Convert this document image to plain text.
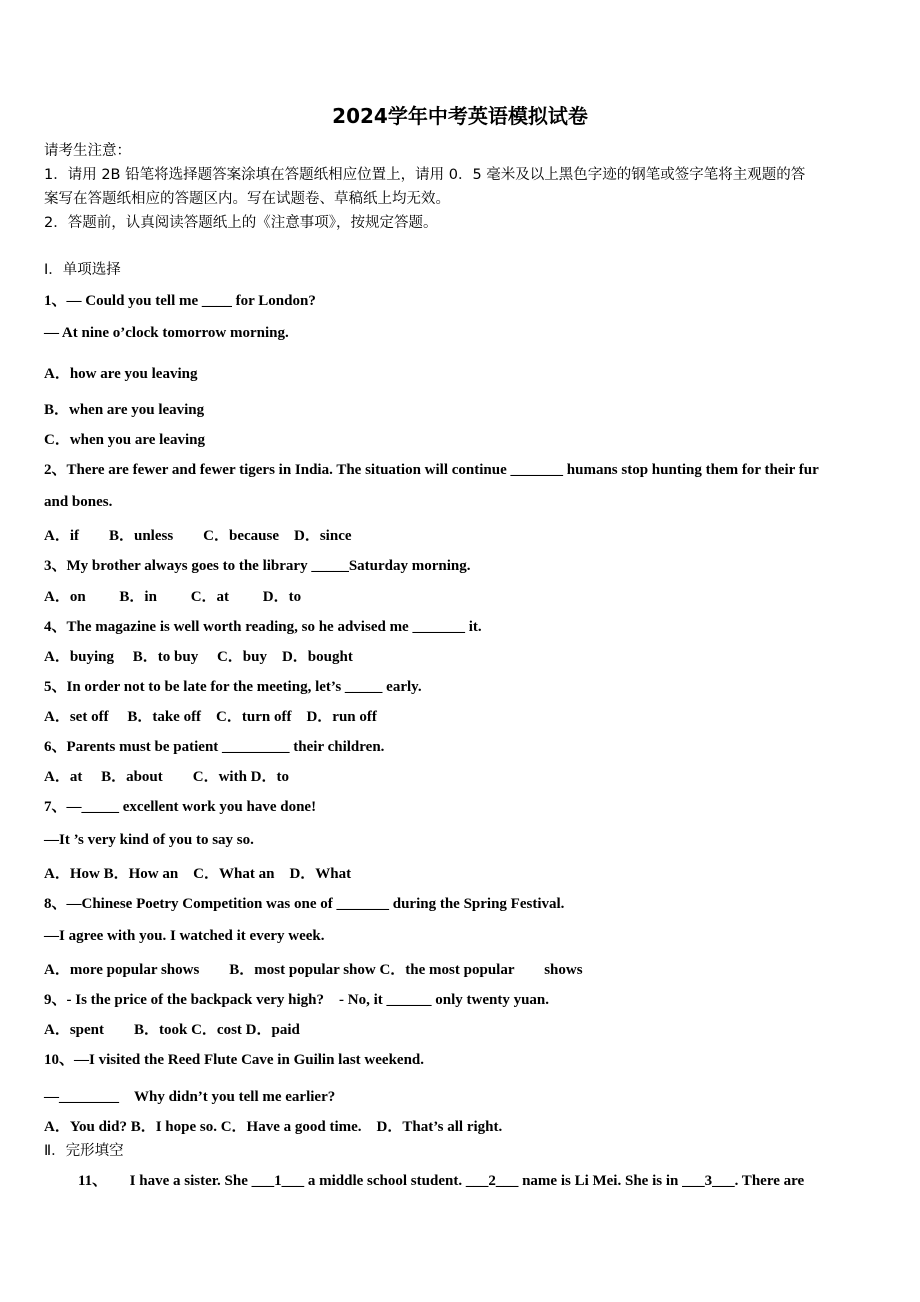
2024学年中考英语模拟试卷
请考生注意：
1．请用 2B 铅笔将选择题答案涂填在答题纸相应位置上，请用 0．5 毫米及以上黑色字迹的钢笔或签字笔将主观题的答
案写在答题纸相应的答题区内。写在试题卷、草稿纸上均无效。
2．答题前，认真阅读答题纸上的《注意事项》，按规定答题。
Ⅰ．单项选择
1、— Could you tell me ____ for London?
— At nine o’clock tomorrow morning.
A．how are you leaving
B．when are you leaving
C．when you are leaving
2、There are fewer and fewer tigers in India. The situation will continue _______ humans stop hunting them for their fur
and bones.
A．if　　B．unless　　C．because　D．since
3、My brother always goes to the library _____Saturday morning.
A．on　　 B．in　　 C．at　　 D．to
4、The magazine is well worth reading, so he advised me _______ it.
A．buying　 B．to buy　 C．buy　D．bought
5、In order not to be late for the meeting, let’s _____ early.
A．set off　 B．take off　C．turn off　D．run off
6、Parents must be patient _________ their children.
A．at　 B．about　　C．with D．to
7、—_____ excellent work you have done!
—It ’s very kind of you to say so.
A．How B．How an　C．What an　D．What
8、—Chinese Poetry Competition was one of _______ during the Spring Festival.
—I agree with you. I watched it every week.
A．more popular shows　　B．most popular show C．the most popular　　shows
9、- Is the price of the backpack very high?　- No, it ______ only twenty yuan.
A．spent　　B．took C．cost D．paid
10、—I visited the Reed Flute Cave in Guilin last weekend.
—________　Why didn’t you tell me earlier?
A．You did? B．I hope so. C．Have a good time.　D．That’s all right.
Ⅱ．完形填空
11、　　I have a sister. She ___1___ a middle school student. ___2___ name is Li Mei. She is in ___3___. There are
